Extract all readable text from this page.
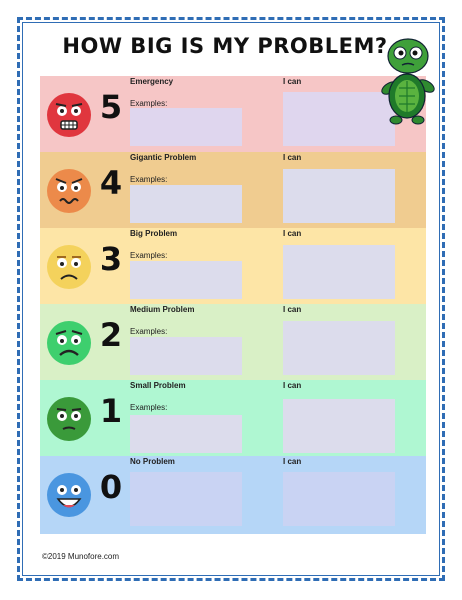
HOW BIG IS MY PROBLEM?
5
Emergency
Examples:
I can
4
Gigantic Problem
Examples:
I can
3
Big Problem
Examples:
I can
2
Medium Problem
Examples:
I can
1
Small Problem
Examples:
I can
0
No Problem	I can
©2019 Munofore.com
